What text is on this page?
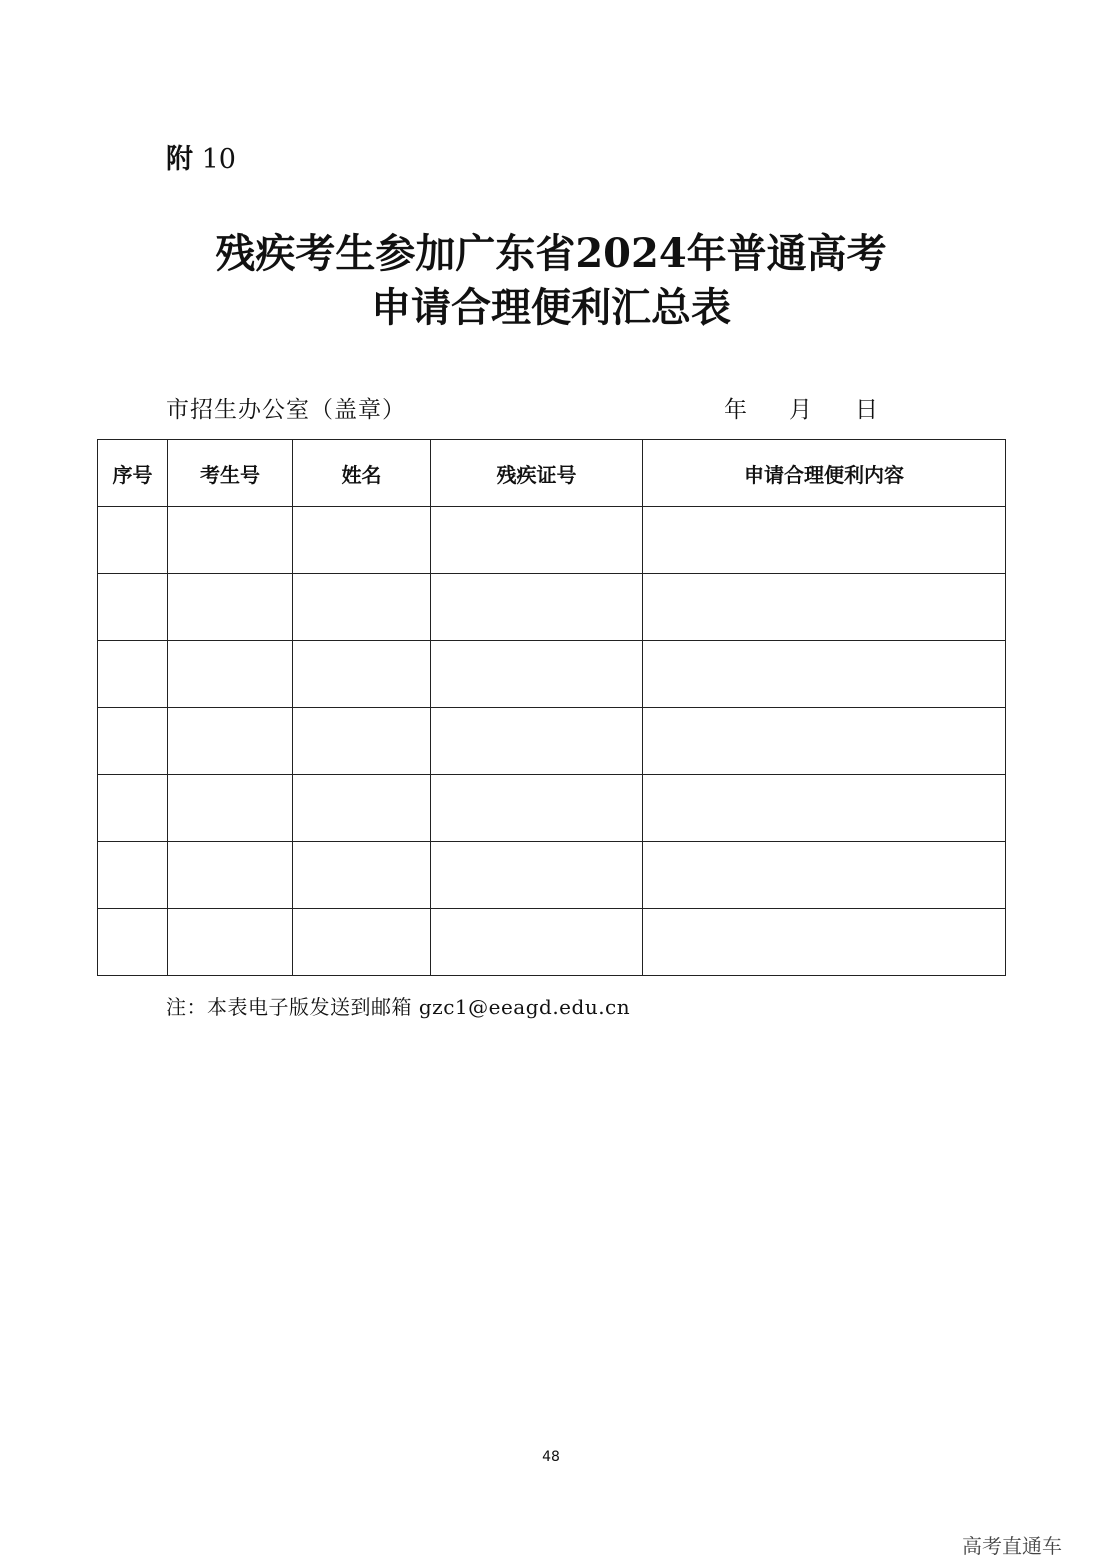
附 10
残疾考生参加广东省2024年普通高考
申请合理便利汇总表
市招生办公室（盖章）	年 月 日
序号	考生号	姓名	残疾证号	申请合理便利内容

注：本表电子版发送到邮箱 gzc1@eeagd.edu.cn
48
高考直通车
